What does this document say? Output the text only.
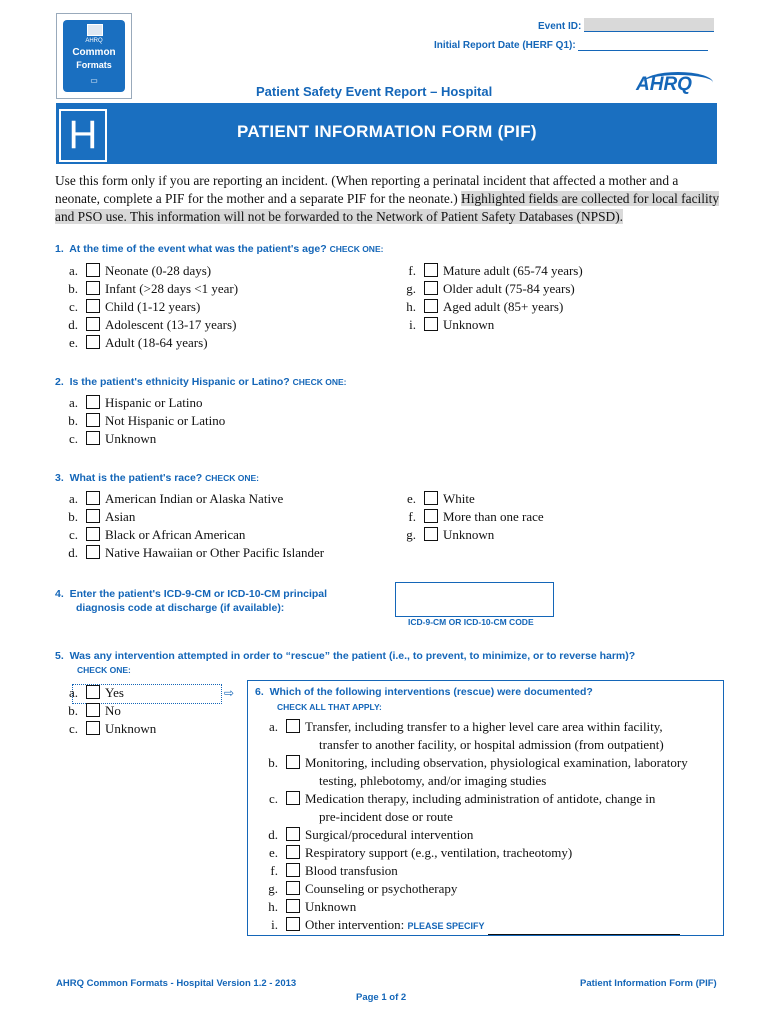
AHRQ
Common
Formats
▭
Event ID:
Initial Report Date (HERF Q1):
Patient Safety Event Report – Hospital	AHRQ
H	PATIENT INFORMATION FORM (PIF)
Use this form only if you are reporting an incident. (When reporting a perinatal incident that affected a mother and a neonate, complete a PIF for the mother and a separate PIF for the neonate.) Highlighted fields are collected for local facility and PSO use. This information will not be forwarded to the Network of Patient Safety Databases (NPSD).
1. At the time of the event what was the patient's age? CHECK ONE:
a. Neonate (0-28 days)
b. Infant (>28 days <1 year)
c. Child (1-12 years)
d. Adolescent (13-17 years)
e. Adult (18-64 years)
f. Mature adult (65-74 years)
g. Older adult (75-84 years)
h. Aged adult (85+ years)
i. Unknown
2. Is the patient's ethnicity Hispanic or Latino? CHECK ONE:
a. Hispanic or Latino
b. Not Hispanic or Latino
c. Unknown
3. What is the patient's race? CHECK ONE:
a. American Indian or Alaska Native
b. Asian
c. Black or African American
d. Native Hawaiian or Other Pacific Islander
e. White
f. More than one race
g. Unknown
4. Enter the patient's ICD-9-CM or ICD-10-CM principal
diagnosis code at discharge (if available):
ICD-9-CM OR ICD-10-CM CODE
5. Was any intervention attempted in order to “rescue” the patient (i.e., to prevent, to minimize, or to reverse harm)?
CHECK ONE:
⇨
a. Yes
b. No
c. Unknown
6. Which of the following interventions (rescue) were documented?
CHECK ALL THAT APPLY:
a. Transfer, including transfer to a higher level care area within facility,
transfer to another facility, or hospital admission (from outpatient)
b. Monitoring, including observation, physiological examination, laboratory
testing, phlebotomy, and/or imaging studies
c. Medication therapy, including administration of antidote, change in
pre-incident dose or route
d. Surgical/procedural intervention
e. Respiratory support (e.g., ventilation, tracheotomy)
f. Blood transfusion
g. Counseling or psychotherapy
h. Unknown
i. Other intervention: PLEASE SPECIFY
AHRQ Common Formats - Hospital Version 1.2 - 2013	Patient Information Form (PIF)
Page 1 of 2
